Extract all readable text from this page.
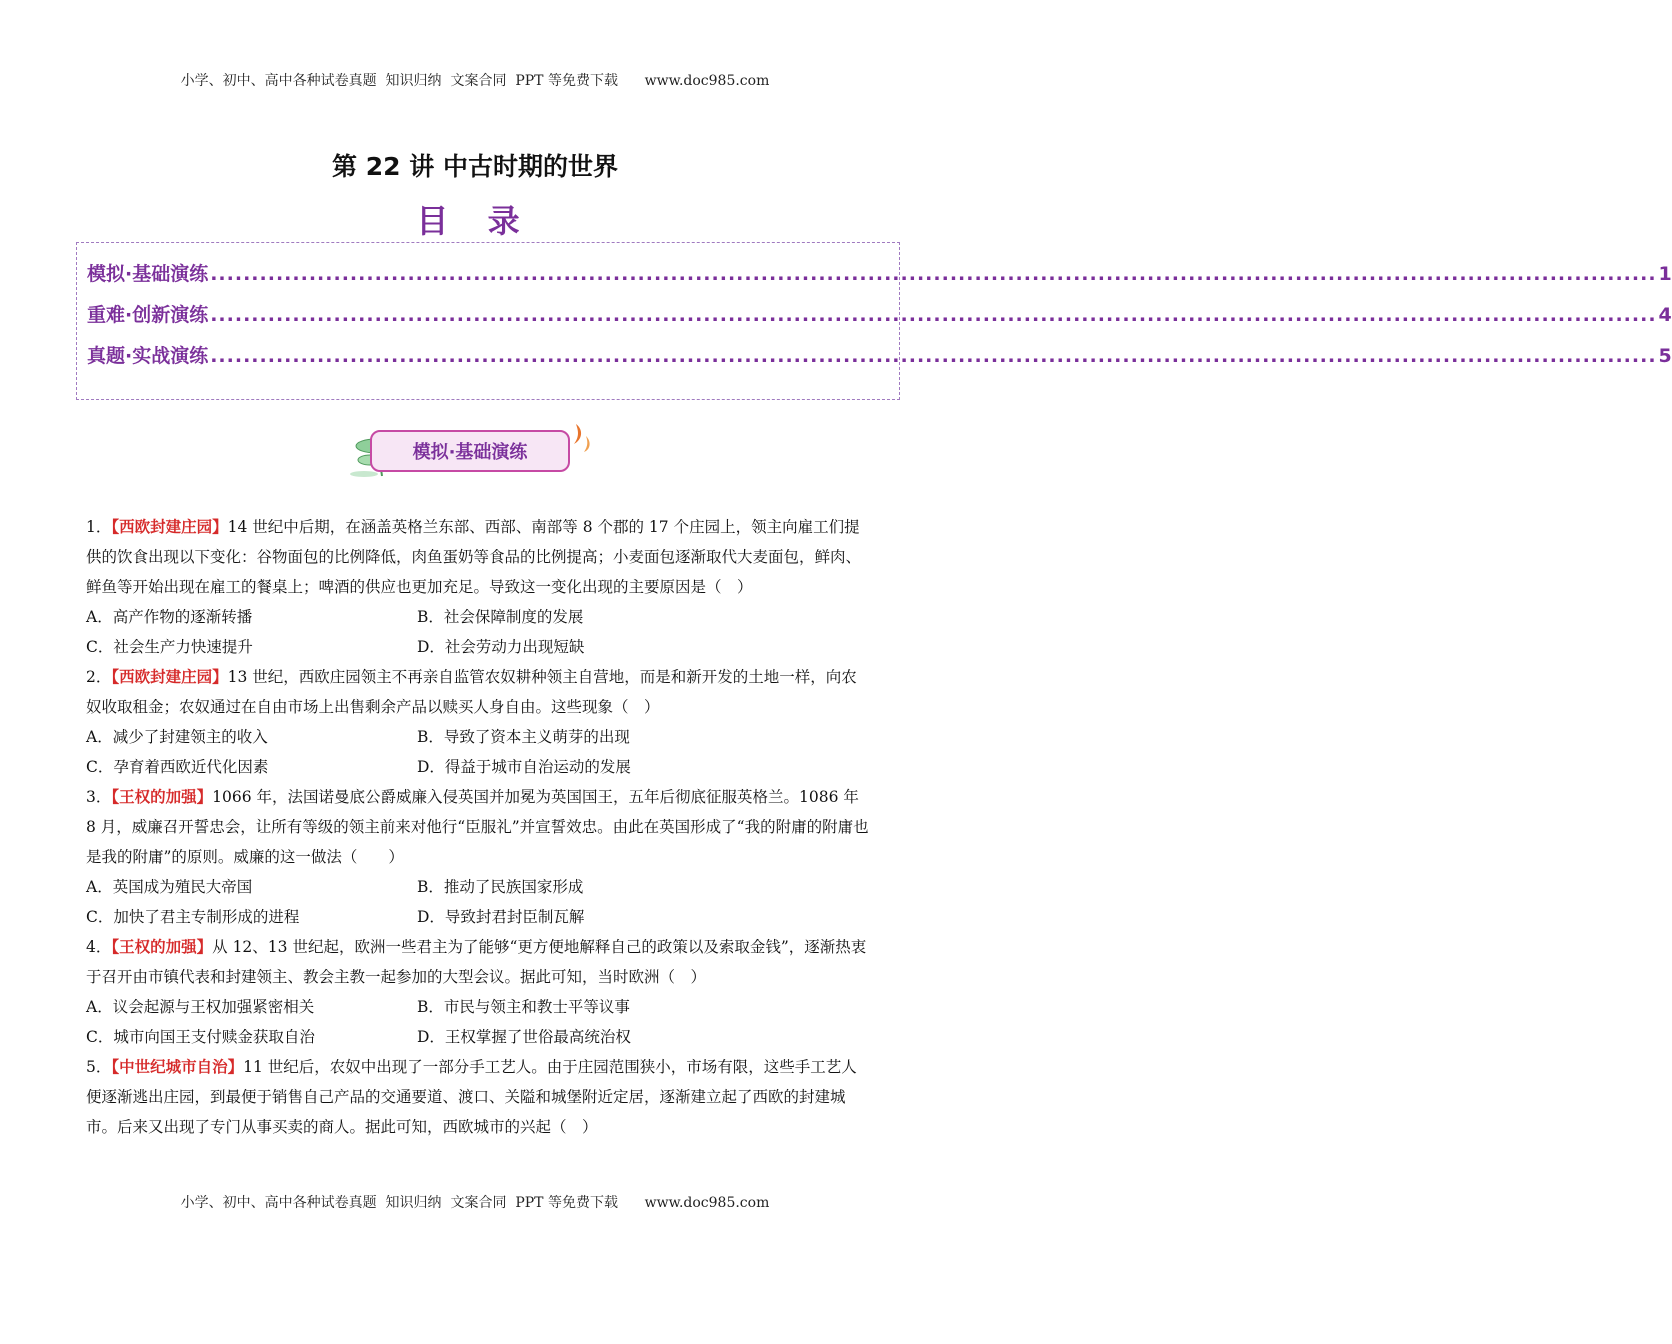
小学、初中、高中各种试卷真题  知识归纳  文案合同  PPT 等免费下载      www.doc985.com
第 22 讲 中古时期的世界
目 录
模拟·基础演练 ................................................................................................................................................................................ 1
重难·创新演练 ................................................................................................................................................................................ 4
真题·实战演练 ................................................................................................................................................................................ 5
模拟·基础演练
1．【西欧封建庄园】14 世纪中后期，在涵盖英格兰东部、西部、南部等 8 个郡的 17 个庄园上，领主向雇工们提供的饮食出现以下变化：谷物面包的比例降低，肉鱼蛋奶等食品的比例提高；小麦面包逐渐取代大麦面包，鲜肉、鲜鱼等开始出现在雇工的餐桌上；啤酒的供应也更加充足。导致这一变化出现的主要原因是（　）
A．高产作物的逐渐转播	B．社会保障制度的发展
C．社会生产力快速提升	D．社会劳动力出现短缺
2．【西欧封建庄园】13 世纪，西欧庄园领主不再亲自监管农奴耕种领主自营地，而是和新开发的土地一样，向农奴收取租金；农奴通过在自由市场上出售剩余产品以赎买人身自由。这些现象（　）
A．减少了封建领主的收入	B．导致了资本主义萌芽的出现
C．孕育着西欧近代化因素	D．得益于城市自治运动的发展
3．【王权的加强】1066 年，法国诺曼底公爵威廉入侵英国并加冕为英国国王，五年后彻底征服英格兰。1086 年 8 月，威廉召开誓忠会，让所有等级的领主前来对他行“臣服礼”并宣誓效忠。由此在英国形成了“我的附庸的附庸也是我的附庸”的原则。威廉的这一做法（　　）
A．英国成为殖民大帝国	B．推动了民族国家形成
C．加快了君主专制形成的进程	D．导致封君封臣制瓦解
4．【王权的加强】从 12、13 世纪起，欧洲一些君主为了能够“更方便地解释自己的政策以及索取金钱”，逐渐热衷于召开由市镇代表和封建领主、教会主教一起参加的大型会议。据此可知，当时欧洲（　）
A．议会起源与王权加强紧密相关	B．市民与领主和教士平等议事
C．城市向国王支付赎金获取自治	D．王权掌握了世俗最高统治权
5．【中世纪城市自治】11 世纪后，农奴中出现了一部分手工艺人。由于庄园范围狭小，市场有限，这些手工艺人便逐渐逃出庄园，到最便于销售自己产品的交通要道、渡口、关隘和城堡附近定居，逐渐建立起了西欧的封建城市。后来又出现了专门从事买卖的商人。据此可知，西欧城市的兴起（　）
小学、初中、高中各种试卷真题  知识归纳  文案合同  PPT 等免费下载      www.doc985.com
